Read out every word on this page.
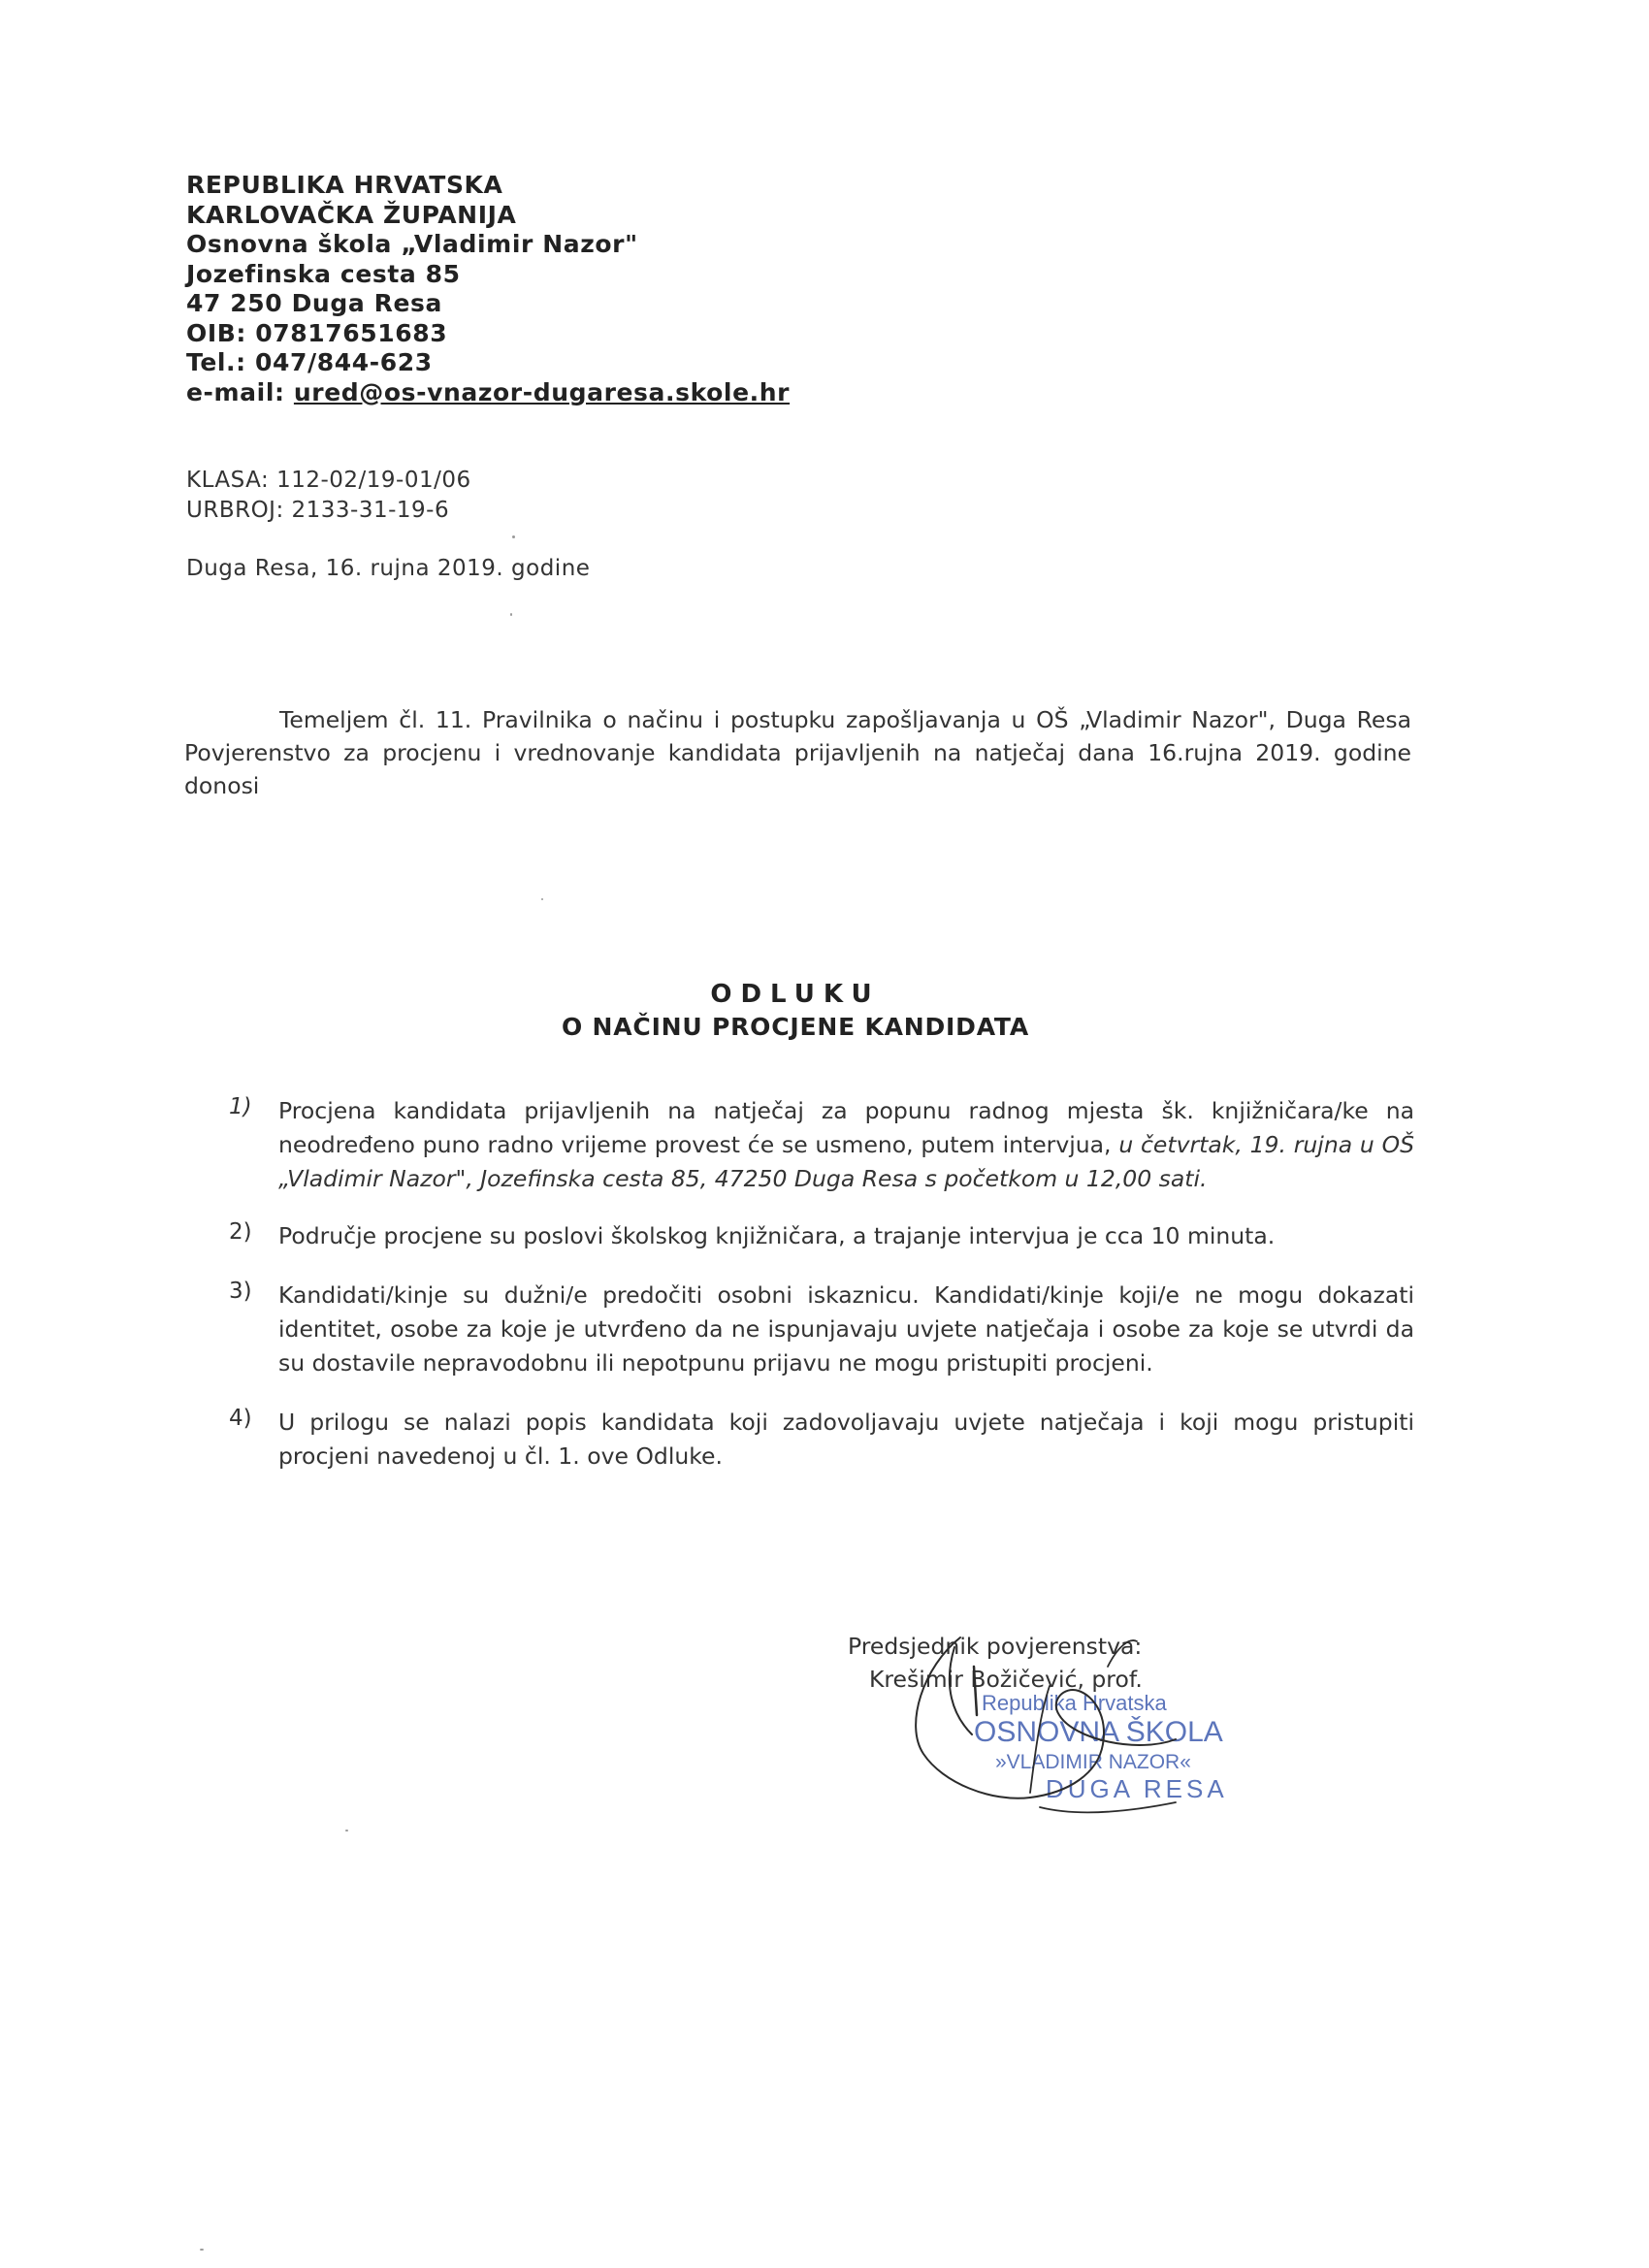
REPUBLIKA HRVATSKA
KARLOVAČKA ŽUPANIJA
Osnovna škola „Vladimir Nazor"
Jozefinska cesta 85
47 250 Duga Resa
OIB: 07817651683
Tel.: 047/844-623
e-mail: ured@os-vnazor-dugaresa.skole.hr
KLASA: 112-02/19-01/06
URBROJ: 2133-31-19-6
Duga Resa, 16. rujna 2019. godine

Temeljem čl. 11. Pravilnika o načinu i postupku zapošljavanja u OŠ „Vladimir Nazor", Duga Resa Povjerenstvo za procjenu i vrednovanje kandidata prijavljenih na natječaj dana 16.rujna 2019. godine donosi

ODLUKU
O NAČINU PROCJENE KANDIDATA
1)	Procjena kandidata prijavljenih na natječaj za popunu radnog mjesta šk. knjižničara/ke na neodređeno puno radno vrijeme provest će se usmeno, putem intervjua, u četvrtak, 19. rujna u OŠ „Vladimir Nazor", Jozefinska cesta 85, 47250 Duga Resa s početkom u 12,00 sati.
2)	Područje procjene su poslovi školskog knjižničara, a trajanje intervjua je cca 10 minuta.
3)	Kandidati/kinje su dužni/e predočiti osobni iskaznicu. Kandidati/kinje koji/e ne mogu dokazati identitet, osobe za koje je utvrđeno da ne ispunjavaju uvjete natječaja i osobe za koje se utvrdi da su dostavile nepravodobnu ili nepotpunu prijavu ne mogu pristupiti procjeni.
4)	U prilogu se nalazi popis kandidata koji zadovoljavaju uvjete natječaja i koji mogu pristupiti procjeni navedenoj u čl. 1. ove Odluke.
Predsjednik povjerenstva:
Krešimir Božičević, prof.
Republika Hrvatska
OSNOVNA ŠKOLA
»VLADIMIR NAZOR«
DUGA RESA
